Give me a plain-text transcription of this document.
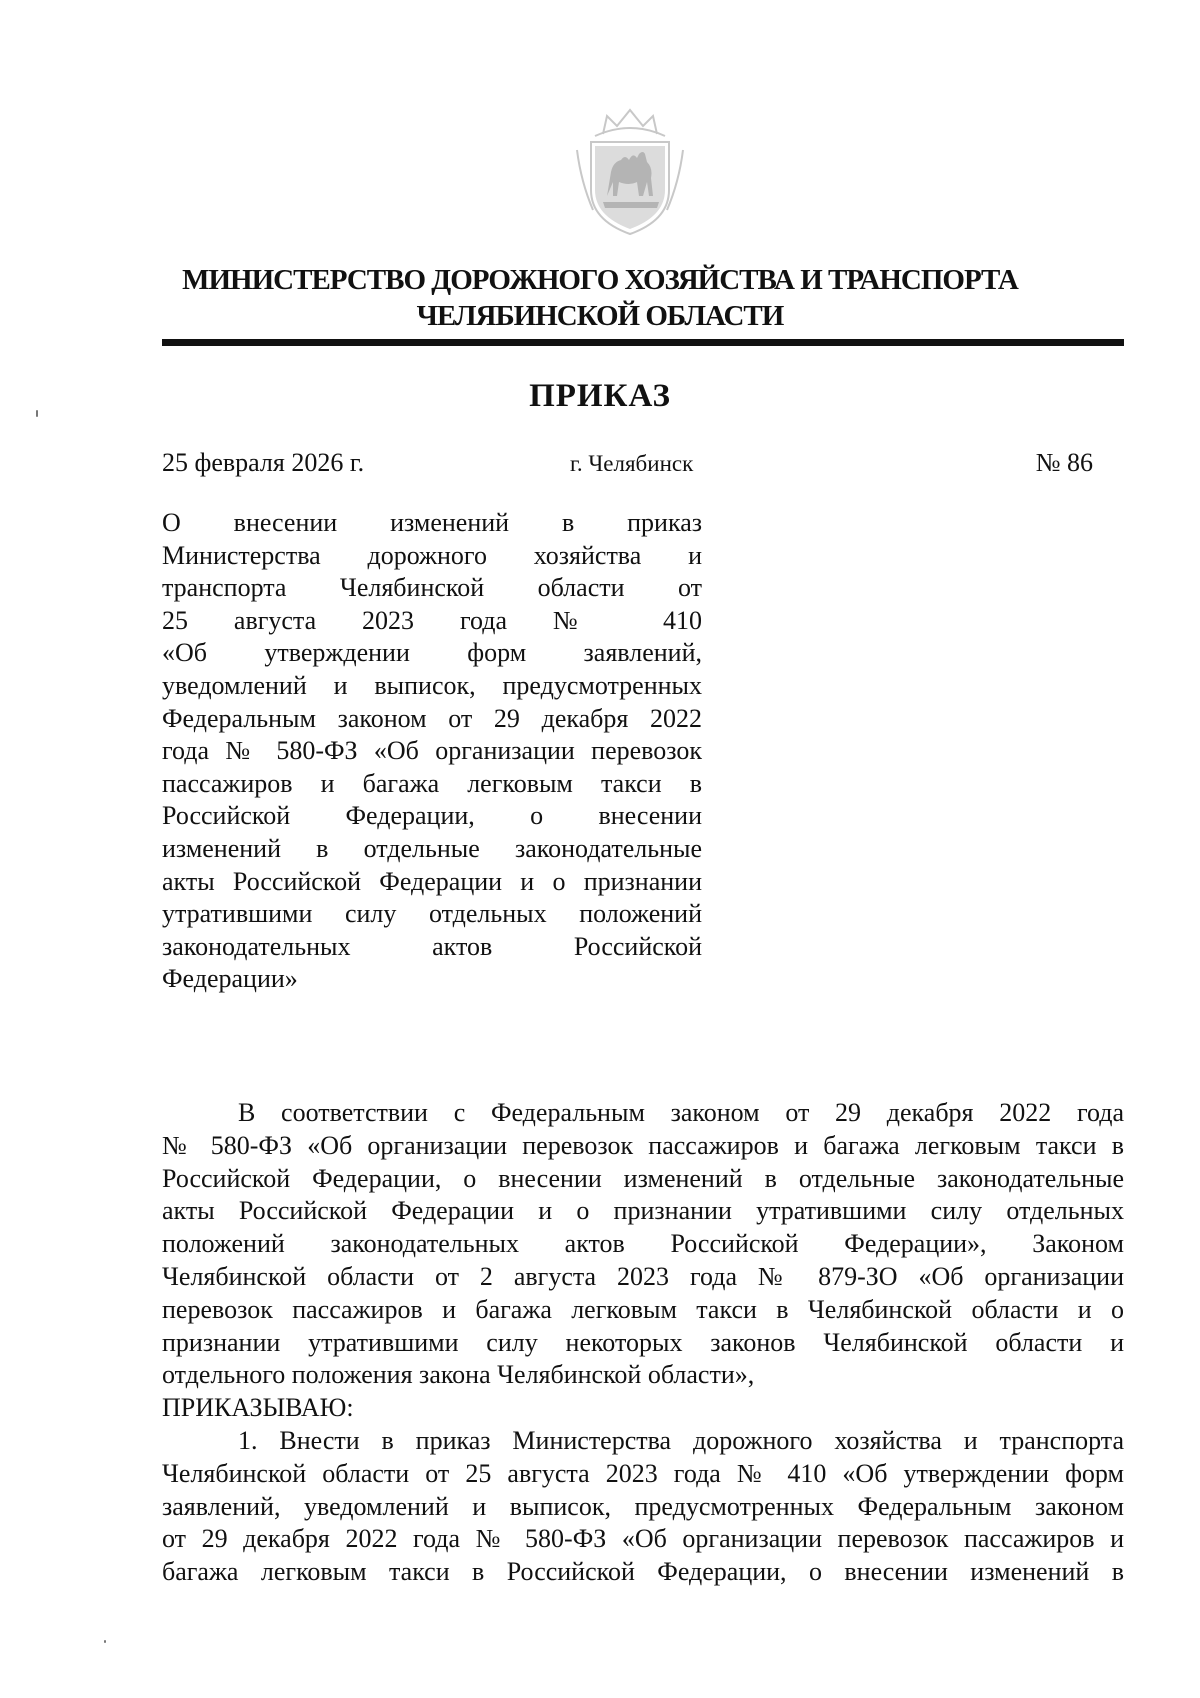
МИНИСТЕРСТВО ДОРОЖНОГО ХОЗЯЙСТВА И ТРАНСПОРТА
ЧЕЛЯБИНСКОЙ ОБЛАСТИ
ПРИКАЗ
25 февраля 2026 г.	г. Челябинск	№ 86
О внесении изменений в приказ
Министерства дорожного хозяйства и
транспорта Челябинской области от
25 августа 2023 года № 410
«Об утверждении форм заявлений,
уведомлений и выписок, предусмотренных
Федеральным законом от 29 декабря 2022
года № 580-ФЗ «Об организации перевозок
пассажиров и багажа легковым такси в
Российской Федерации, о внесении
изменений в отдельные законодательные
акты Российской Федерации и о признании
утратившими силу отдельных положений
законодательных актов Российской
Федерации»
В соответствии с Федеральным законом от 29 декабря 2022 года
№ 580-ФЗ «Об организации перевозок пассажиров и багажа легковым такси в
Российской Федерации, о внесении изменений в отдельные законодательные
акты Российской Федерации и о признании утратившими силу отдельных
положений законодательных актов Российской Федерации», Законом
Челябинской области от 2 августа 2023 года № 879-ЗО «Об организации
перевозок пассажиров и багажа легковым такси в Челябинской области и о
признании утратившими силу некоторых законов Челябинской области и
отдельного положения закона Челябинской области»,
ПРИКАЗЫВАЮ:
1. Внести в приказ Министерства дорожного хозяйства и транспорта
Челябинской области от 25 августа 2023 года № 410 «Об утверждении форм
заявлений, уведомлений и выписок, предусмотренных Федеральным законом
от 29 декабря 2022 года № 580-ФЗ «Об организации перевозок пассажиров и
багажа легковым такси в Российской Федерации, о внесении изменений в
